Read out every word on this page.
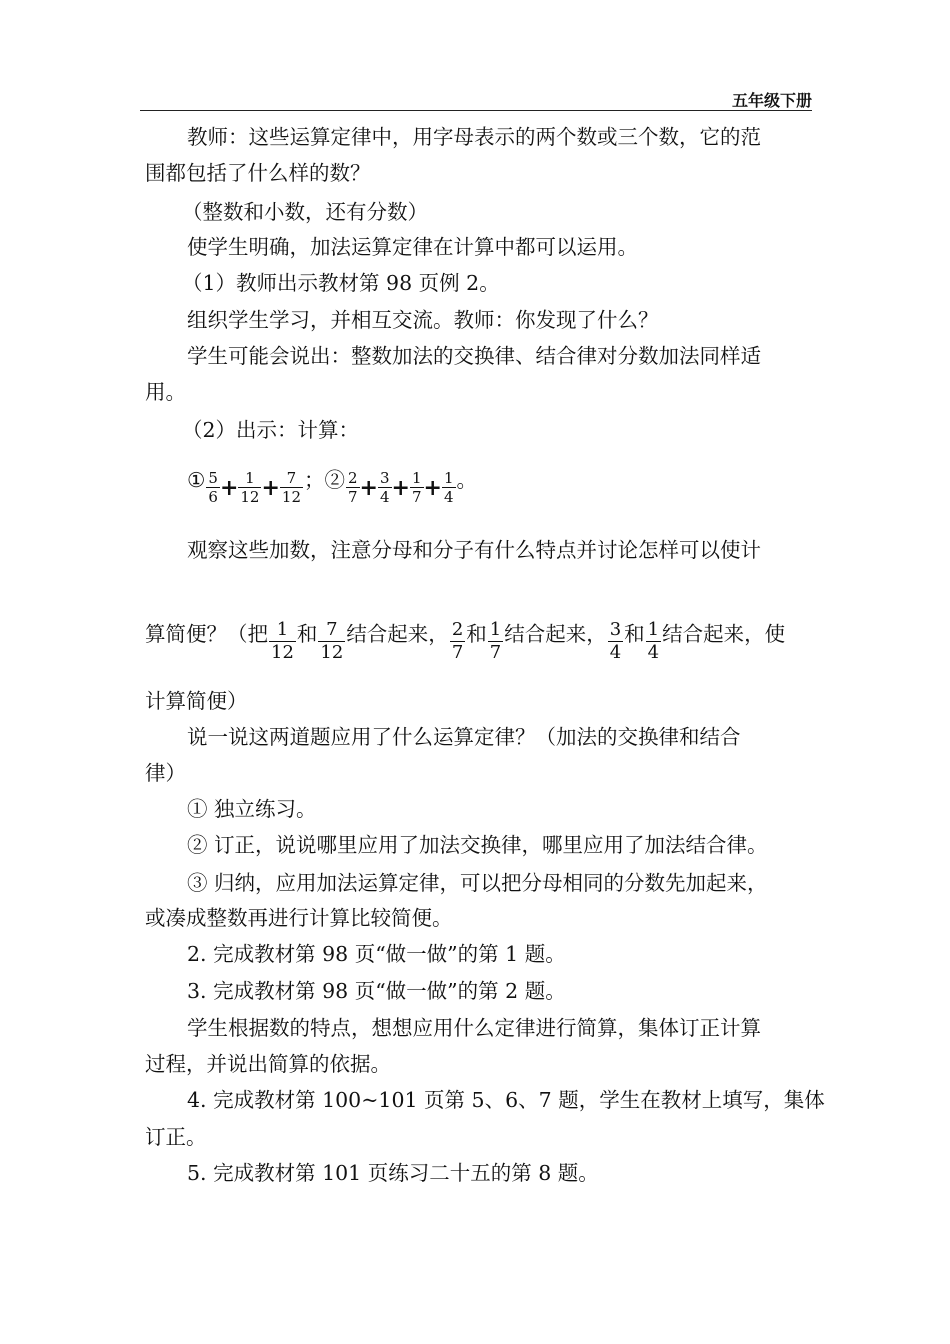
五年级下册
教师：这些运算定律中，用字母表示的两个数或三个数，它的范
围都包括了什么样的数？
（整数和小数，还有分数）
使学生明确，加法运算定律在计算中都可以运用。
（1）教师出示教材第 98 页例 2。
组织学生学习，并相互交流。教师：你发现了什么？
学生可能会说出：整数加法的交换律、结合律对分数加法同样适
用。
（2）出示：计算：
① $\frac{5}{6} + \frac{1}{12} + \frac{7}{12}$ ；② $\frac{2}{7} + \frac{3}{4} + \frac{1}{7} + \frac{1}{4}$ 。
观察这些加数，注意分母和分子有什么特点并讨论怎样可以使计
算简便？（把 $\frac{1}{12}$ 和 $\frac{7}{12}$ 结合起来， $\frac{2}{7}$ 和 $\frac{1}{7}$ 结合起来， $\frac{3}{4}$ 和 $\frac{1}{4}$ 结合起来，使
计算简便）
说一说这两道题应用了什么运算定律？（加法的交换律和结合
律）
① 独立练习。
② 订正，说说哪里应用了加法交换律，哪里应用了加法结合律。
③ 归纳，应用加法运算定律，可以把分母相同的分数先加起来，
或凑成整数再进行计算比较简便。
2. 完成教材第 98 页“做一做”的第 1 题。
3. 完成教材第 98 页“做一做”的第 2 题。
学生根据数的特点，想想应用什么定律进行简算，集体订正计算
过程，并说出简算的依据。
4. 完成教材第 100~101 页第 5、6、7 题，学生在教材上填写，集体
订正。
5. 完成教材第 101 页练习二十五的第 8 题。
